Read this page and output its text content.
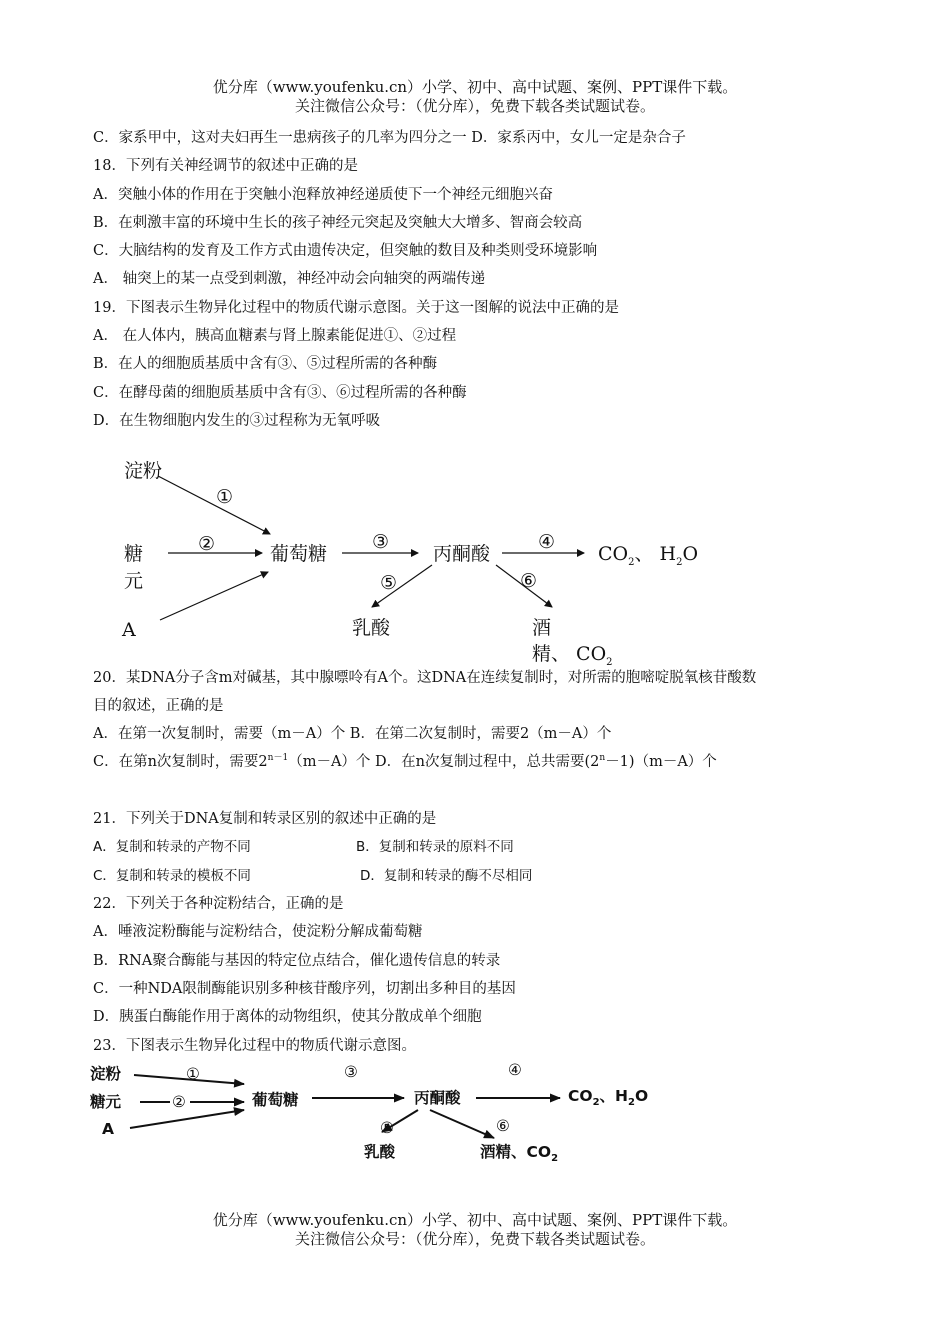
优分库（www.youfenku.cn）小学、初中、高中试题、案例、PPT课件下载。
关注微信公众号：（优分库），免费下载各类试题试卷。
C．家系甲中，这对夫妇再生一患病孩子的几率为四分之一 D．家系丙中，女儿一定是杂合子
18．下列有关神经调节的叙述中正确的是
A．突触小体的作用在于突触小泡释放神经递质使下一个神经元细胞兴奋
B．在刺激丰富的环境中生长的孩子神经元突起及突触大大增多、智商会较高
C．大脑结构的发育及工作方式由遗传决定，但突触的数目及种类则受环境影响
A． 轴突上的某一点受到刺激，神经冲动会向轴突的两端传递
19．下图表示生物异化过程中的物质代谢示意图。关于这一图解的说法中正确的是
A． 在人体内，胰高血糖素与肾上腺素能促进①、②过程
B．在人的细胞质基质中含有③、⑤过程所需的各种酶
C．在酵母菌的细胞质基质中含有③、⑥过程所需的各种酶
D．在生物细胞内发生的③过程称为无氧呼吸
淀粉
糖
元
A
葡萄糖	丙酮酸	$CO_2$、 $H_2O$
乳酸	酒
精、 $CO_2$
①
②	③	④
⑤	⑥
20．某DNA分子含m对碱基，其中腺嘌呤有A个。这DNA在连续复制时，对所需的胞嘧啶脱氧核苷酸数
目的叙述，正确的是
A．在第一次复制时，需要（m－A）个 B．在第二次复制时，需要2（m－A）个
C．在第n次复制时，需要$2^{n-1}(m-A)$个 D．在n次复制过程中，总共需要$(2^n-1)(m-A)$个
21．下列关于DNA复制和转录区别的叙述中正确的是
A．复制和转录的产物不同	B．复制和转录的原料不同
C．复制和转录的模板不同	D．复制和转录的酶不尽相同
22．下列关于各种淀粉结合，正确的是
A．唾液淀粉酶能与淀粉结合，使淀粉分解成葡萄糖
B．RNA聚合酶能与基因的特定位点结合，催化遗传信息的转录
C．一种NDA限制酶能识别多种核苷酸序列，切割出多种目的基因
D．胰蛋白酶能作用于离体的动物组织，使其分散成单个细胞
23．下图表示生物异化过程中的物质代谢示意图。
淀粉
糖元
A
葡萄糖	丙酮酸	$CO_2$、$H_2O$
乳酸	酒精、$CO_2$
①
②
③	④
⑤	⑥
优分库（www.youfenku.cn）小学、初中、高中试题、案例、PPT课件下载。
关注微信公众号：（优分库），免费下载各类试题试卷。
